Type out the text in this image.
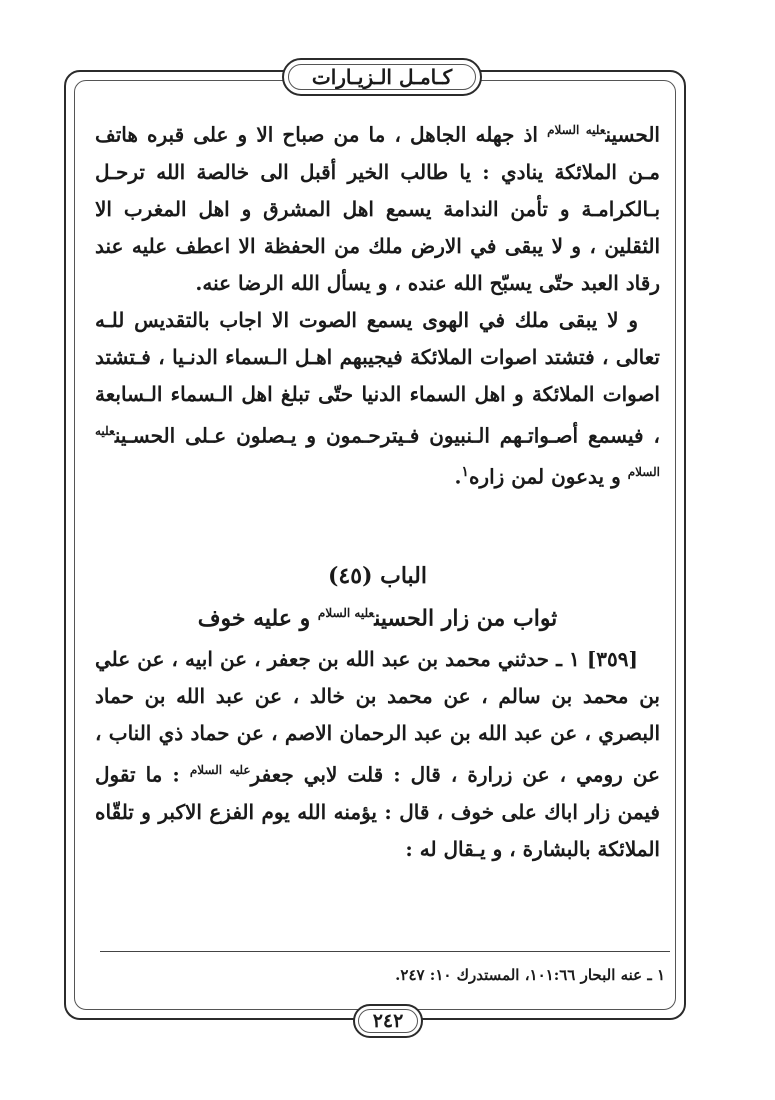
كـامـل الـزيـارات

الحسين$^{عليه السلام}$ اذ جهله الجاهل ، ما من صباح الا و على قبره هاتف مـن الملائكة ينادي : يا طالب الخير أقبل الى خالصة الله ترحـل بـالكرامـة و تأمن الندامة يسمع اهل المشرق و اهل المغرب الا الثقلين ، و لا يبقى في الارض ملك من الحفظة الا اعطف عليه عند رقاد العبد حتّى يسبّح الله عنده ، و يسأل الله الرضا عنه.

و لا يبقى ملك في الهوى يسمع الصوت الا اجاب بالتقديس للـه تعالى ، فتشتد اصوات الملائكة فيجيبهم اهـل الـسماء الدنـيا ، فـتشتد اصوات الملائكة و اهل السماء الدنيا حتّى تبلغ اهل الـسماء الـسابعة ، فيسمع أصـواتـهم الـنبيون فـيترحـمون و يـصلون عـلى الحسـين$^{عليه السلام}$ و يدعون لمن زاره$^١$.

الباب (٤٥)

ثواب من زار الحسين$^{عليه السلام}$ و عليه خوف

[٣٥٩] ١ ـ حدثني محمد بن عبد الله بن جعفر ، عن ابيه ، عن علي بن محمد بن سالم ، عن محمد بن خالد ، عن عبد الله بن حماد البصري ، عن عبد الله بن عبد الرحمان الاصم ، عن حماد ذي الناب ، عن رومي ، عن زرارة ، قال : قلت لابي جعفر$^{عليه السلام}$ : ما تقول فيمن زار اباك على خوف ، قال : يؤمنه الله يوم الفزع الاكبر و تلقّاه الملائكة بالبشارة ، و يـقال له :

١ ـ عنه البحار ١٠١:٦٦، المستدرك ١٠: ٢٤٧.
٢٤٢
